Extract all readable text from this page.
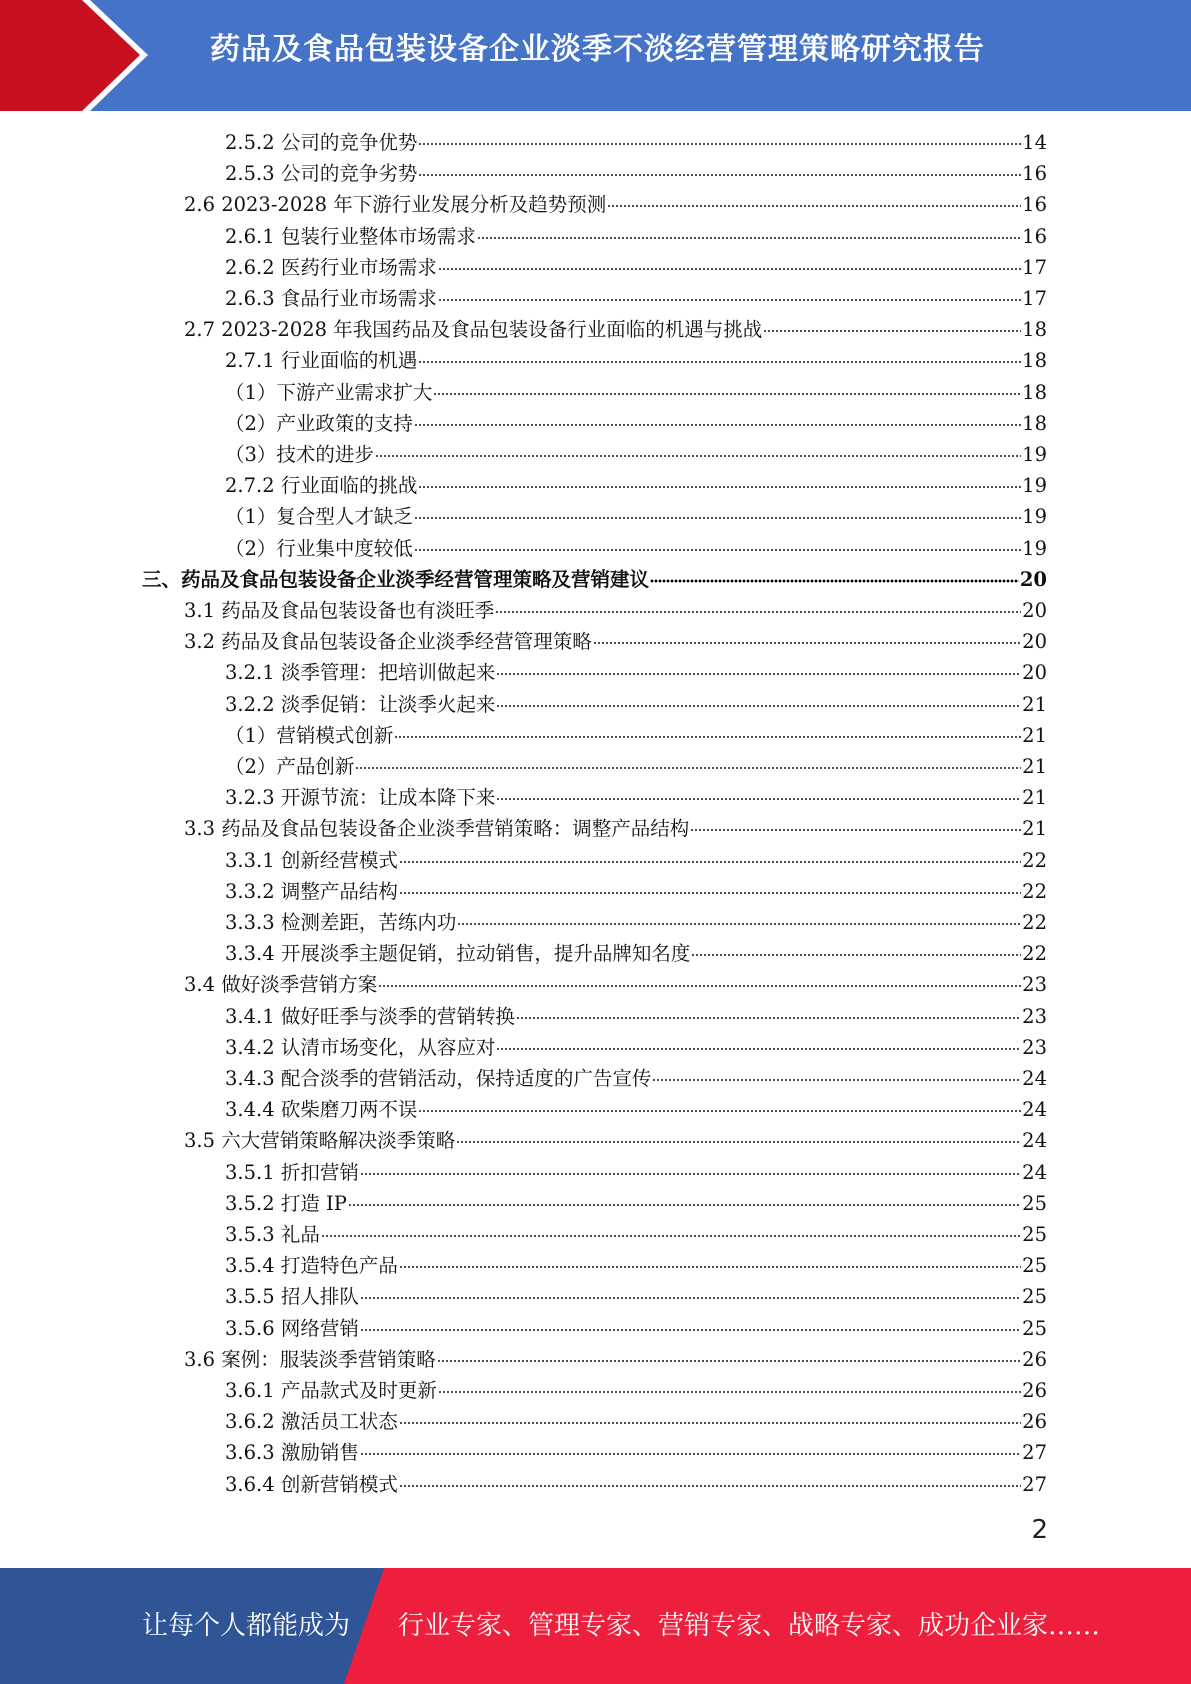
药品及食品包装设备企业淡季不淡经营管理策略研究报告
2.5.2 公司的竞争优势	14
2.5.3 公司的竞争劣势	16
2.6 2023-2028 年下游行业发展分析及趋势预测	16
2.6.1 包装行业整体市场需求	16
2.6.2 医药行业市场需求	17
2.6.3 食品行业市场需求	17
2.7 2023-2028 年我国药品及食品包装设备行业面临的机遇与挑战	18
2.7.1 行业面临的机遇	18
（1）下游产业需求扩大	18
（2）产业政策的支持	18
（3）技术的进步	19
2.7.2 行业面临的挑战	19
（1）复合型人才缺乏	19
（2）行业集中度较低	19
三、药品及食品包装设备企业淡季经营管理策略及营销建议	20
3.1 药品及食品包装设备也有淡旺季	20
3.2 药品及食品包装设备企业淡季经营管理策略	20
3.2.1 淡季管理：把培训做起来	20
3.2.2 淡季促销：让淡季火起来	21
（1）营销模式创新	21
（2）产品创新	21
3.2.3 开源节流：让成本降下来	21
3.3 药品及食品包装设备企业淡季营销策略：调整产品结构	21
3.3.1 创新经营模式	22
3.3.2 调整产品结构	22
3.3.3 检测差距，苦练内功	22
3.3.4 开展淡季主题促销，拉动销售，提升品牌知名度	22
3.4 做好淡季营销方案	23
3.4.1 做好旺季与淡季的营销转换	23
3.4.2 认清市场变化，从容应对	23
3.4.3 配合淡季的营销活动，保持适度的广告宣传	24
3.4.4 砍柴磨刀两不误	24
3.5 六大营销策略解决淡季策略	24
3.5.1 折扣营销	24
3.5.2 打造 IP	25
3.5.3 礼品	25
3.5.4 打造特色产品	25
3.5.5 招人排队	25
3.5.6 网络营销	25
3.6 案例：服装淡季营销策略	26
3.6.1 产品款式及时更新	26
3.6.2 激活员工状态	26
3.6.3 激励销售	27
3.6.4 创新营销模式	27
2
让每个人都能成为 行业专家、管理专家、营销专家、战略专家、成功企业家……
